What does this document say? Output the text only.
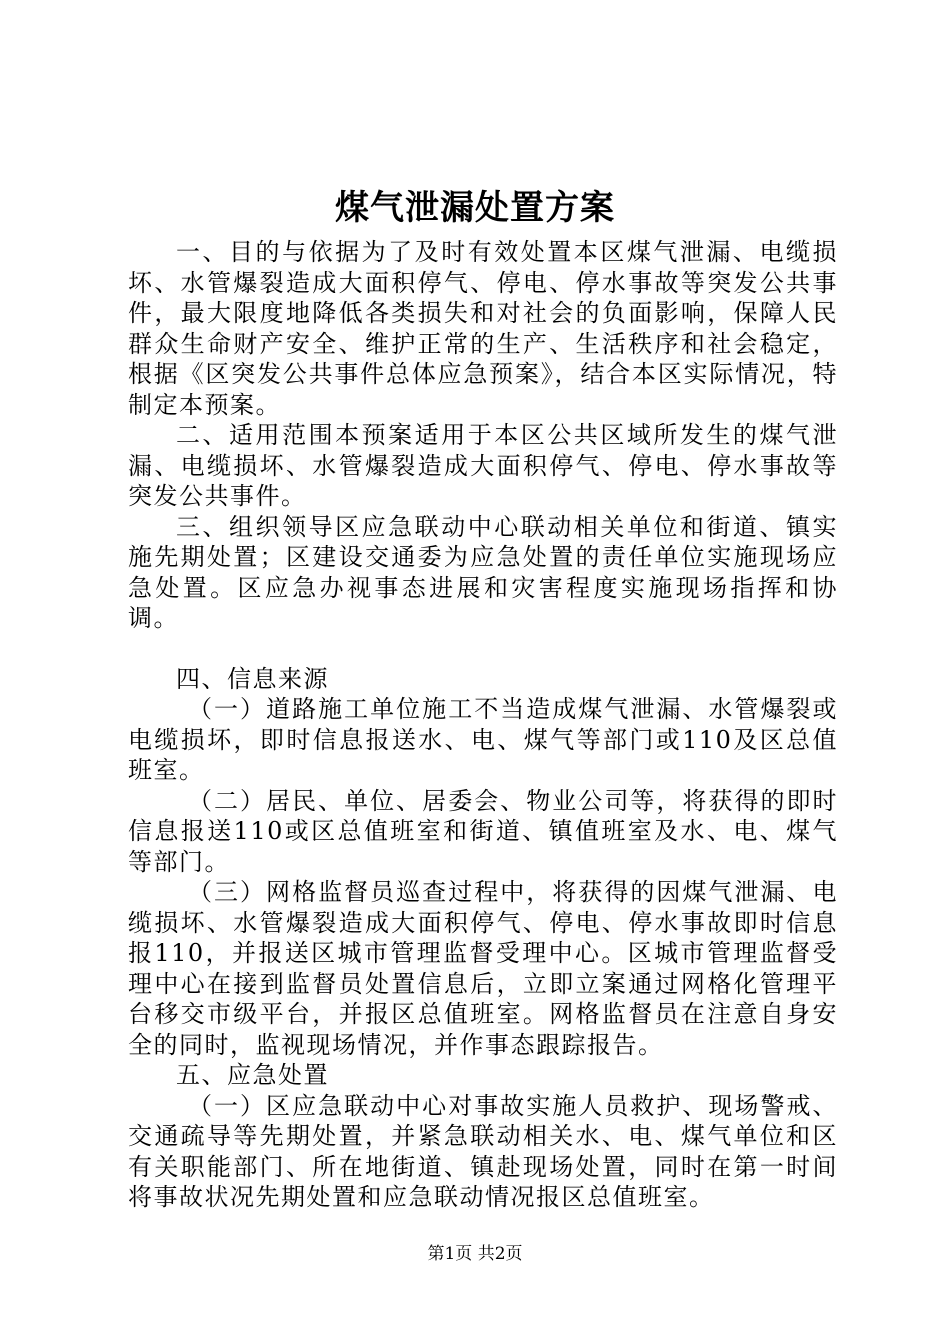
煤气泄漏处置方案

一、目的与依据为了及时有效处置本区煤气泄漏、电缆损坏、水管爆裂造成大面积停气、停电、停水事故等突发公共事件，最大限度地降低各类损失和对社会的负面影响，保障人民群众生命财产安全、维护正常的生产、生活秩序和社会稳定，根据《区突发公共事件总体应急预案》，结合本区实际情况，特制定本预案。

二、适用范围本预案适用于本区公共区域所发生的煤气泄漏、电缆损坏、水管爆裂造成大面积停气、停电、停水事故等突发公共事件。

三、组织领导区应急联动中心联动相关单位和街道、镇实施先期处置；区建设交通委为应急处置的责任单位实施现场应急处置。区应急办视事态进展和灾害程度实施现场指挥和协调。

四、信息来源

（一）道路施工单位施工不当造成煤气泄漏、水管爆裂或电缆损坏，即时信息报送水、电、煤气等部门或110及区总值班室。

（二）居民、单位、居委会、物业公司等，将获得的即时信息报送110或区总值班室和街道、镇值班室及水、电、煤气等部门。

（三）网格监督员巡查过程中，将获得的因煤气泄漏、电缆损坏、水管爆裂造成大面积停气、停电、停水事故即时信息报110，并报送区城市管理监督受理中心。区城市管理监督受理中心在接到监督员处置信息后，立即立案通过网格化管理平台移交市级平台，并报区总值班室。网格监督员在注意自身安全的同时，监视现场情况，并作事态跟踪报告。

五、应急处置

（一）区应急联动中心对事故实施人员救护、现场警戒、交通疏导等先期处置，并紧急联动相关水、电、煤气单位和区有关职能部门、所在地街道、镇赴现场处置，同时在第一时间将事故状况先期处置和应急联动情况报区总值班室。

第1页 共2页
